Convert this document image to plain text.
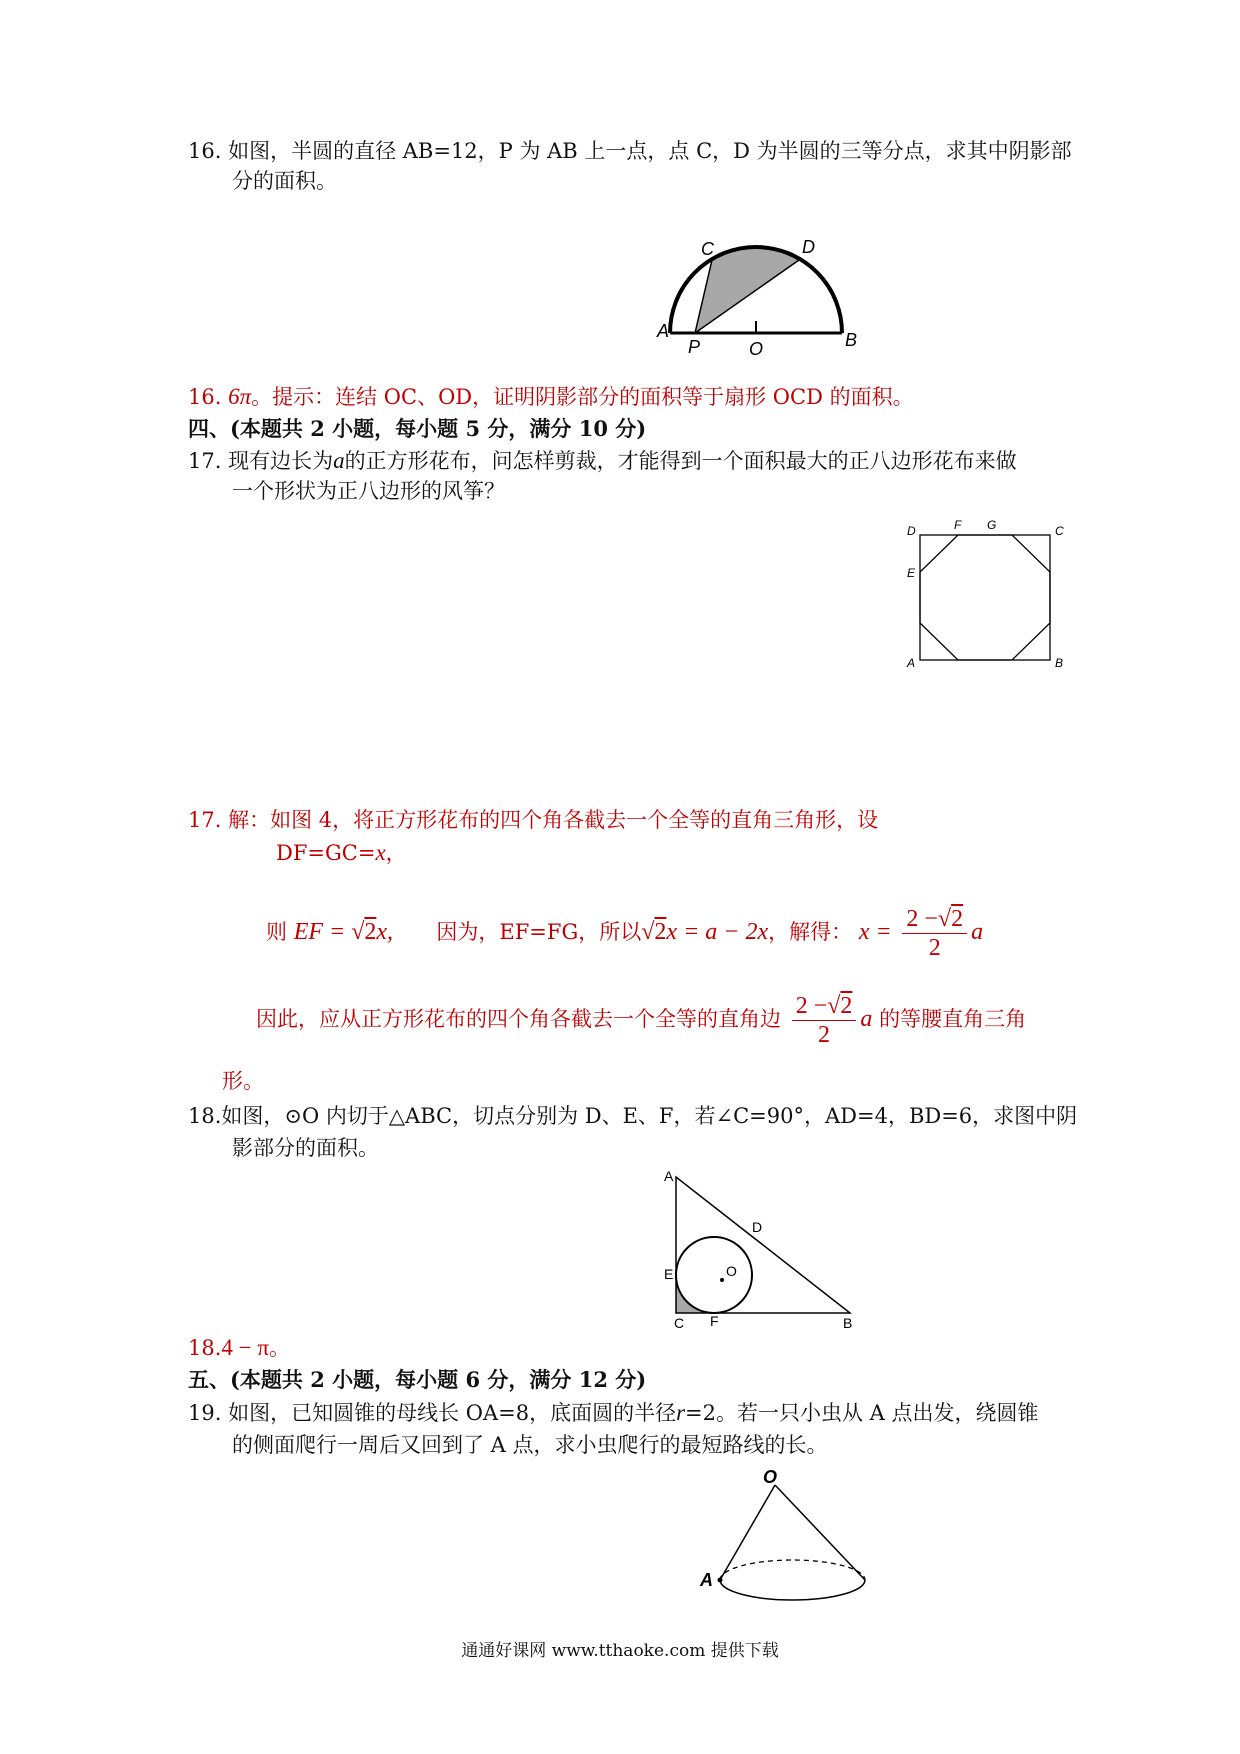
16. 如图，半圆的直径 AB=12，P 为 AB 上一点，点 C，D 为半圆的三等分点，求其中阴影部
分的面积。
A
P	O	B
C	D
16. 6π。提示：连结 OC、OD，证明阴影部分的面积等于扇形 OCD 的面积。
四、(本题共 2 小题，每小题 5 分，满分 10 分)
17. 现有边长为a的正方形花布，问怎样剪裁，才能得到一个面积最大的正八边形花布来做
一个形状为正八边形的风筝？
D	F G	C
E
A	B
17. 解：如图 4，将正方形花布的四个角各截去一个全等的直角三角形，设
DF=GC=x，
则 EF = √2x, 因为，EF=FG，所以√2x = a − 2x，解得： $x = \frac{2 -√2}{2}$ a
因此，应从正方形花布的四个角各截去一个全等的直角边 $\frac{2 -√2}{2}$ a 的等腰直角三角
形。
18.如图，⊙O 内切于△ABC，切点分别为 D、E、F，若∠C=90°，AD=4，BD=6，求图中阴
影部分的面积。
A
D
E	O
C F	B
18.4 − π。
五、(本题共 2 小题，每小题 6 分，满分 12 分)
19. 如图，已知圆锥的母线长 OA=8，底面圆的半径r=2。若一只小虫从 A 点出发，绕圆锥
的侧面爬行一周后又回到了 A 点，求小虫爬行的最短路线的长。
O
A
通通好课网 www.tthaoke.com 提供下载
